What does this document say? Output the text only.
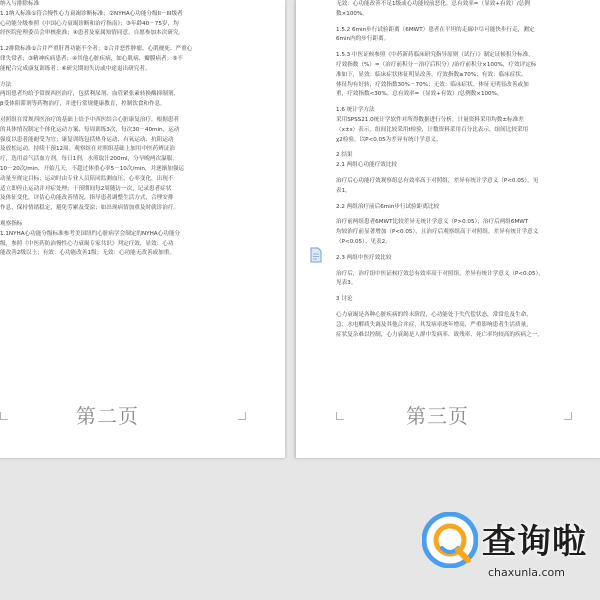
纳入与排除标准
1.1纳入标准①符合慢性心力衰竭诊断标准；②NYHA心功能分级II－III级者
心功能分级参照《中国心力衰竭诊断和治疗指南》；③年龄40－75岁，均
经医院伦理委员会审核批准；④患者及家属知情同意，自愿参加本次研究。
1.2排除标准①合并严重肝肾功能不全者；②合并恶性肿瘤、心肌梗死、严重心
律失常者；③精神疾病患者；④其他心脏疾病，如心肌病、瓣膜病者；⑤不
能配合完成康复训练者；⑥研究期间失访或中途退出研究者。
方法
两组患者均给予常规西医治疗，包括利尿剂、血管紧张素转换酶抑制剂、
β受体阻滞剂等药物治疗，并进行常规健康教育，控制饮食和作息。
对照组在常规西医治疗的基础上给予中西医结合心脏康复治疗，根据患者
的具体情况制定个体化运动方案，每周训练3次，每次30－40min，运动
强度以患者能耐受为宜；康复训练包括热身运动、有氧运动、抗阻运动
及放松运动，持续干预12周。观察组在对照组基础上加用中医药辨证治
疗，选用益气活血方剂，每日1剂，水煎取汁200ml，分早晚两次温服，
10－20次/min，开始几天，不超过体重心率5－10次/min，并逐渐加强运
动量至规定目标；运动时由专业人员陪同监测血压、心率变化，出现不
适立即停止运动并对症处理；干预期间每2周随访一次，记录患者症状
及体征变化，评估心功能改善情况，指导患者调整生活方式，合理安排
作息，保持情绪稳定，避免劳累及受凉；如出现病情加重及时就诊治疗。
观察指标
1.1NYHA心功能分级标准参考美国纽约心脏病学会制定的NYHA心功能分
级，参照《中医药防治慢性心力衰竭专家共识》判定疗效，显效：心功
能改善2级以上；有效：心功能改善1级；无效：心功能无改善或加重。
第二页
无效：心功能改善不足1级或心功能较前恶化。总有效率=（显效+有效）/总例
数×100%。
1.5.2 6min步行试验距离（6MWT）患者在平坦的走廊中尽可能快步行走，测定
6min内的步行距离。
1.5.3 中医证候参照《中药新药临床研究指导原则（试行）》制定证候积分标准，
疗效指数（%）=（治疗前积分－治疗后积分）/治疗前积分×100%，疗效评定标
准如下，显效：临床症状体征明显改善，疗效指数≥70%；有效：临床症状、
体征均有好转，疗效指数30%－70%；无效：临床症状、体征无明显改善或加
重，疗效指数<30%。总有效率=（显效+有效）/总例数×100%。
1.6 统计学方法
采用SPSS21.0统计学软件对所得数据进行分析，计量资料采用均数±标准差
（x±s）表示，组间比较采用t检验，计数资料采用百分比表示，组间比较采用
χ2检验，以P<0.05为差异有统计学意义。
2 结果
2.1 两组心功能疗效比较
治疗后心功能疗效观察组总有效率高于对照组，差异有统计学意义（P<0.05），见
表1。
2.2 两组治疗前后6min步行试验距离比较
治疗前两组患者6MWT比较差异无统计学意义（P>0.05），治疗后两组6MWT
均较治疗前显著增加（P<0.05），且治疗后观察组高于对照组，差异有统计学意义
（P<0.05）。见表2。
2.3 两组中医疗效比较
治疗后，治疗组中医证候疗效总有效率高于对照组，差异有统计学意义（P<0.05），
见表3。
3 讨论
心力衰竭是各种心脏疾病的终末阶段，心功能处于失代偿状态，常常危及生命，
急、水电解质失调及其他合并症，其发病率逐年增高，严重影响患者生活质量，
症状复杂难以控制，心力衰竭是人群中发病率、致残率、死亡率均较高的疾病之一。
第三页
查询啦
chaxunla.com
